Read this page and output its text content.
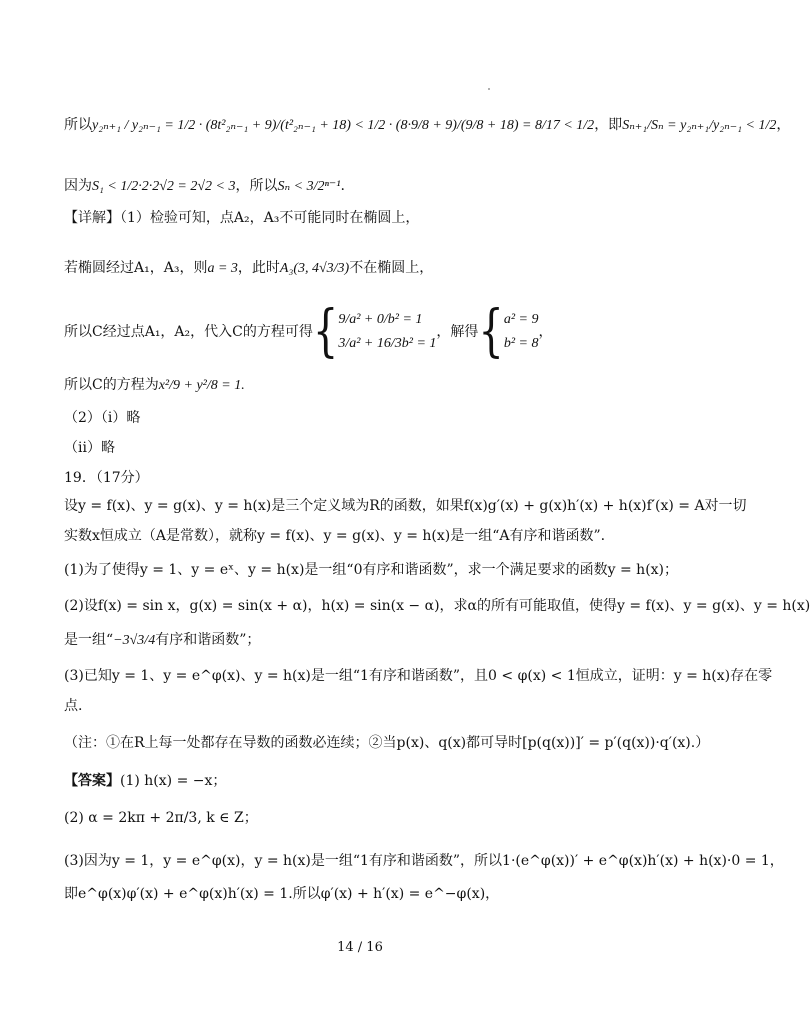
所以y₂ₙ₊₁ / y₂ₙ₋₁ = 1/2 · (8t²₂ₙ₋₁ + 9)/(t²₂ₙ₋₁ + 18) < 1/2 · (8·9/8 + 9)/(9/8 + 18) = 8/17 < 1/2，即Sₙ₊₁/Sₙ = y₂ₙ₊₁/y₂ₙ₋₁ < 1/2，
因为S₁ < 1/2·2·2√2 = 2√2 < 3，所以Sₙ < 3/2ⁿ⁻¹.
【详解】（1）检验可知，点A₂，A₃不可能同时在椭圆上，
若椭圆经过A₁，A₃，则a = 3，此时A₃(3, 4√3/3)不在椭圆上，
所以C经过点A₁，A₂，代入C的方程可得 { 9/a² + 0/b² = 1
3/a² + 16/3b² = 1
，解得 { a² = 9
b² = 8
，
所以C的方程为x²/9 + y²/8 = 1.
（2）（i）略
（ii）略
19．（17分）
设y = f(x)、y = g(x)、y = h(x)是三个定义域为R的函数，如果f(x)g′(x) + g(x)h′(x) + h(x)f′(x) = A对一切
实数x恒成立（A是常数），就称y = f(x)、y = g(x)、y = h(x)是一组“A有序和谐函数”.
(1)为了使得y = 1、y = eˣ、y = h(x)是一组“0有序和谐函数”，求一个满足要求的函数y = h(x)；
(2)设f(x) = sin x，g(x) = sin(x + α)，h(x) = sin(x − α)，求α的所有可能取值，使得y = f(x)、y = g(x)、y = h(x)
是一组“−3√3/4有序和谐函数”；
(3)已知y = 1、y = e^φ(x)、y = h(x)是一组“1有序和谐函数”，且0 < φ(x) < 1恒成立，证明：y = h(x)存在零
点.
（注：①在R上每一处都存在导数的函数必连续；②当p(x)、q(x)都可导时[p(q(x))]′ = p′(q(x))·q′(x).）
【答案】(1) h(x) = −x；
(2) α = 2kπ + 2π/3, k ∈ Z；
(3)因为y = 1，y = e^φ(x)，y = h(x)是一组“1有序和谐函数”，所以1·(e^φ(x))′ + e^φ(x)h′(x) + h(x)·0 = 1，
即e^φ(x)φ′(x) + e^φ(x)h′(x) = 1.所以φ′(x) + h′(x) = e^−φ(x)，
14 / 16
